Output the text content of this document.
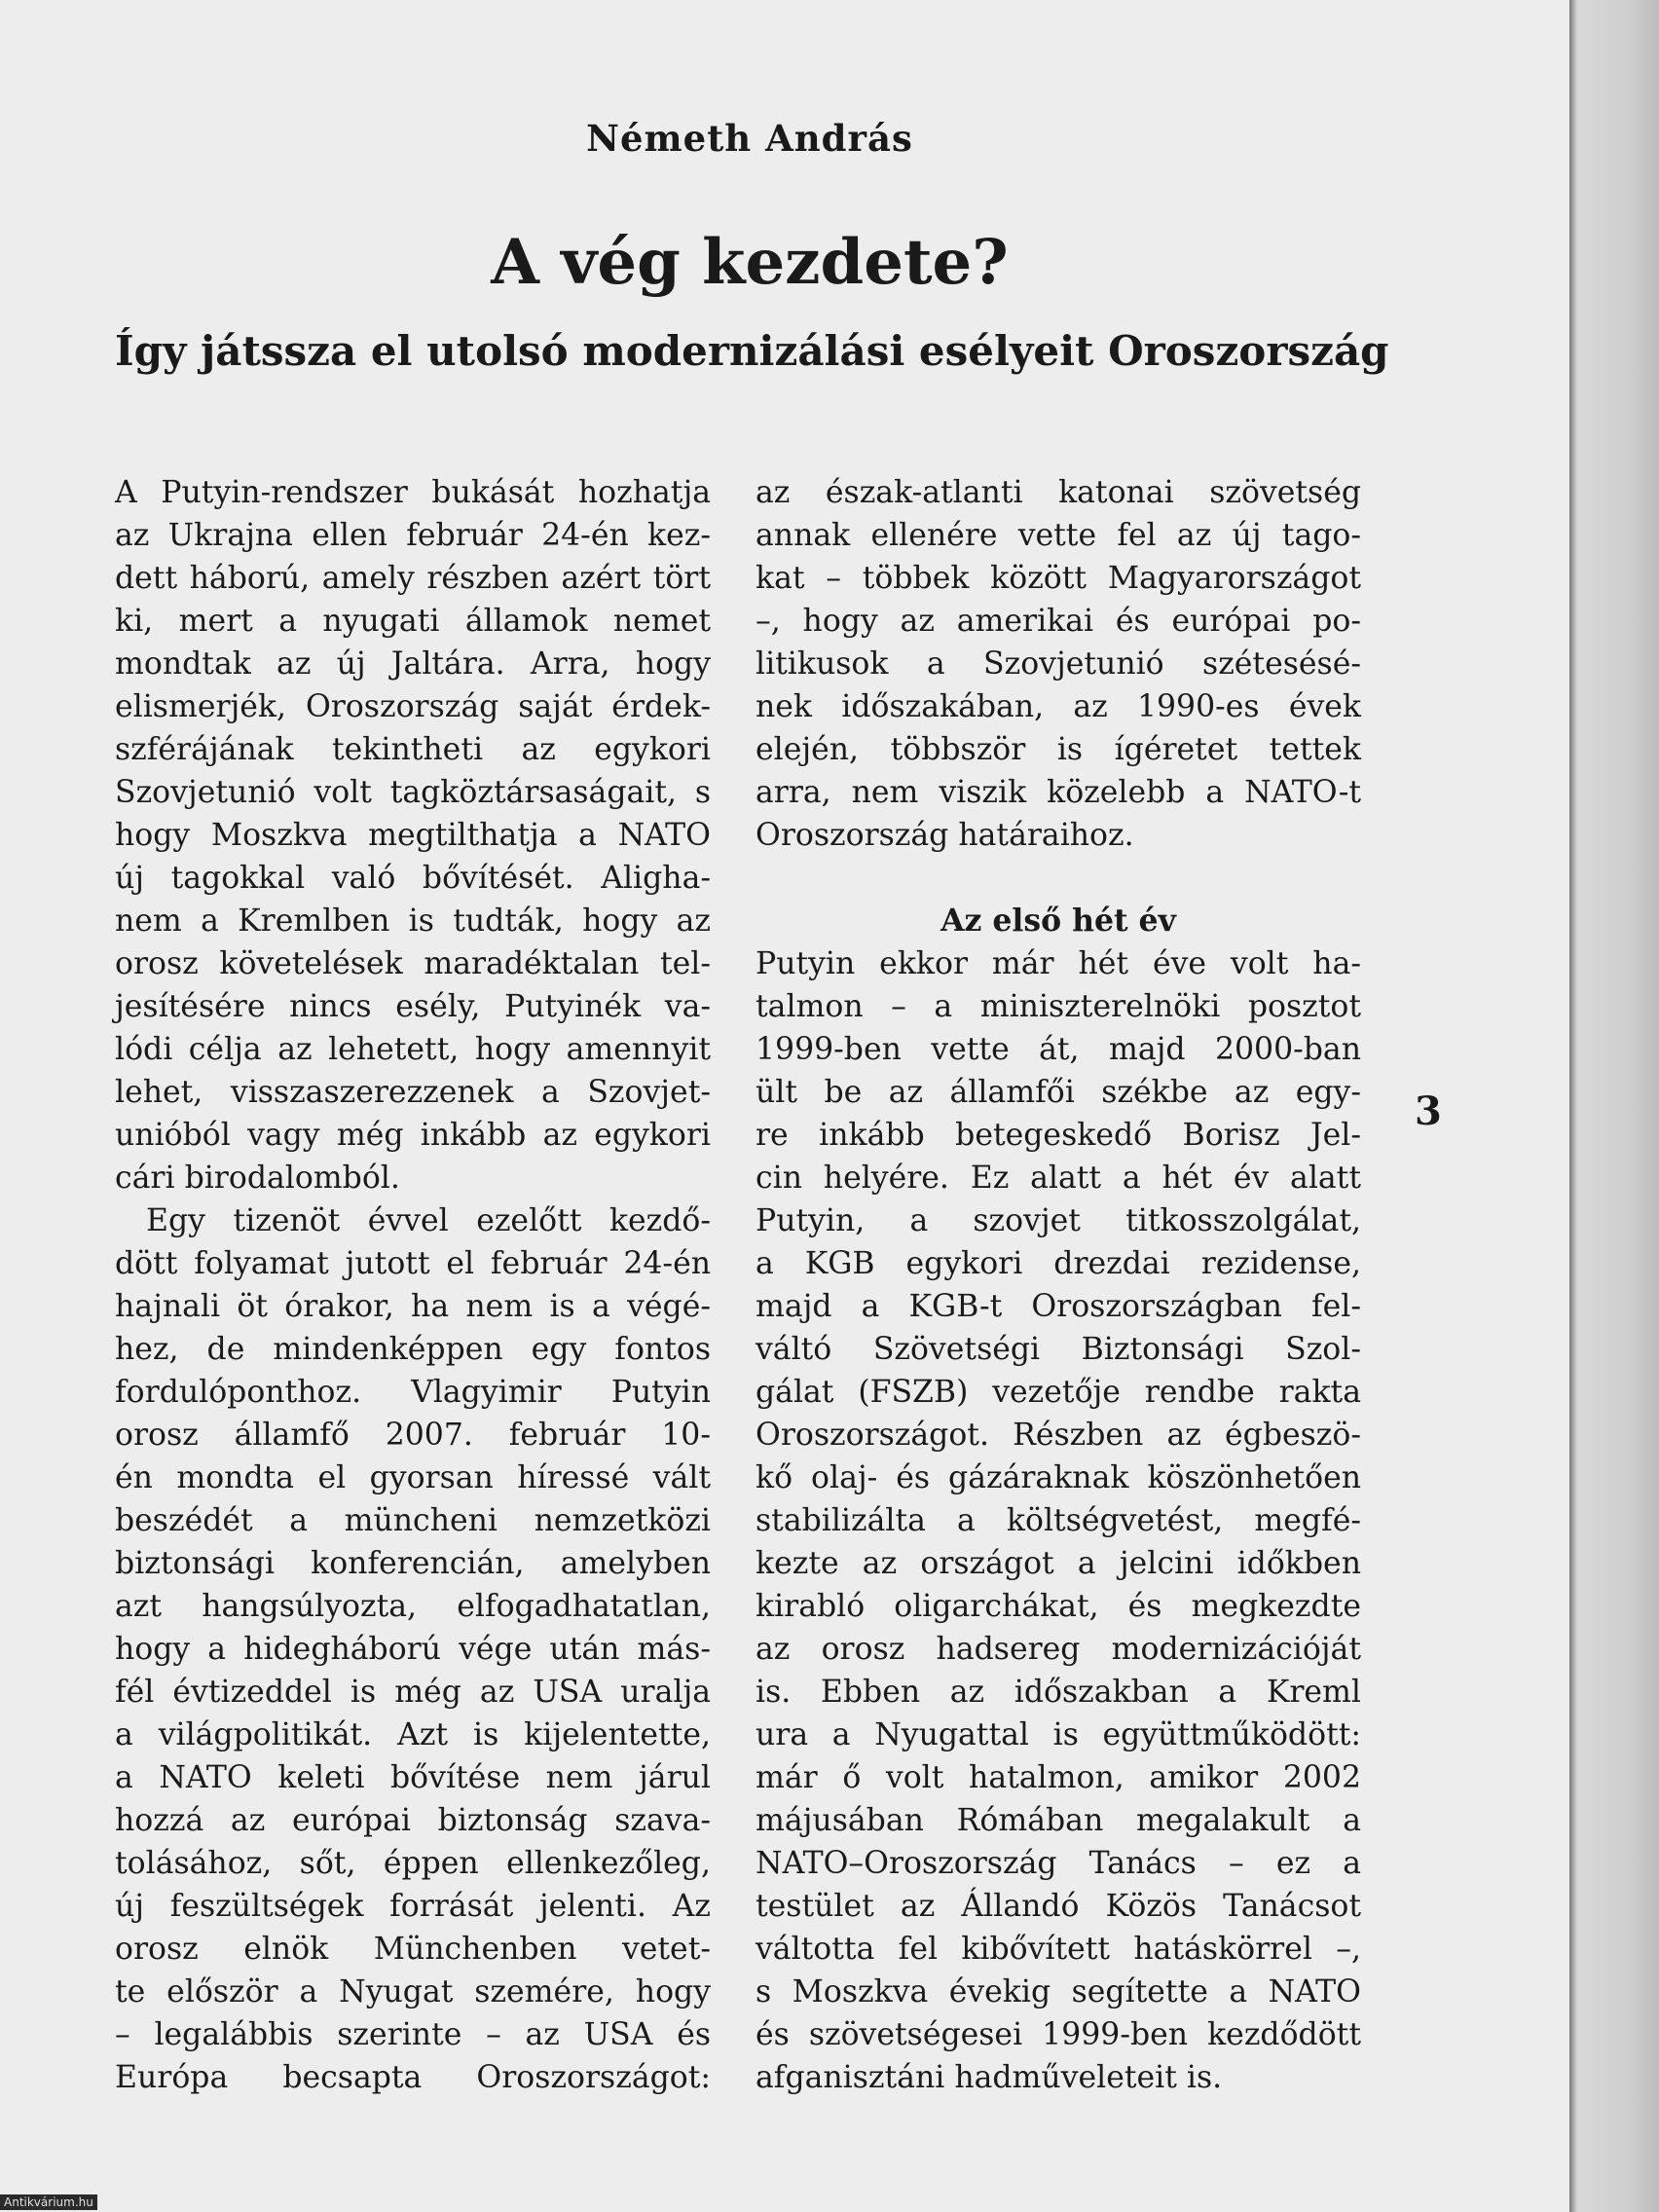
Németh András
A vég kezdete?
Így játssza el utolsó modernizálási esélyeit Oroszország
A Putyin-rendszer bukását hozhatja
az Ukrajna ellen február 24-én kez-
dett háború, amely részben azért tört
ki, mert a nyugati államok nemet
mondtak az új Jaltára. Arra, hogy
elismerjék, Oroszország saját érdek-
szférájának tekintheti az egykori
Szovjetunió volt tagköztársaságait, s
hogy Moszkva megtilthatja a NATO
új tagokkal való bővítését. Aligha-
nem a Kremlben is tudták, hogy az
orosz követelések maradéktalan tel-
jesítésére nincs esély, Putyinék va-
lódi célja az lehetett, hogy amennyit
lehet, visszaszerezzenek a Szovjet-
unióból vagy még inkább az egykori
cári birodalomból.
Egy tizenöt évvel ezelőtt kezdő-
dött folyamat jutott el február 24-én
hajnali öt órakor, ha nem is a végé-
hez, de mindenképpen egy fontos
fordulóponthoz. Vlagyimir Putyin
orosz államfő 2007. február 10-
én mondta el gyorsan híressé vált
beszédét a müncheni nemzetközi
biztonsági konferencián, amelyben
azt hangsúlyozta, elfogadhatatlan,
hogy a hidegháború vége után más-
fél évtizeddel is még az USA uralja
a világpolitikát. Azt is kijelentette,
a NATO keleti bővítése nem járul
hozzá az európai biztonság szava-
tolásához, sőt, éppen ellenkezőleg,
új feszültségek forrását jelenti. Az
orosz elnök Münchenben vetet-
te először a Nyugat szemére, hogy
– legalábbis szerinte – az USA és
Európa becsapta Oroszországot:
az észak-atlanti katonai szövetség
annak ellenére vette fel az új tago-
kat – többek között Magyarországot
–, hogy az amerikai és európai po-
litikusok a Szovjetunió szétesésé-
nek időszakában, az 1990-es évek
elején, többször is ígéretet tettek
arra, nem viszik közelebb a NATO-t
Oroszország határaihoz.
Az első hét év
Putyin ekkor már hét éve volt ha-
talmon – a miniszterelnöki posztot
1999-ben vette át, majd 2000-ban
ült be az államfői székbe az egy-
re inkább betegeskedő Borisz Jel-
cin helyére. Ez alatt a hét év alatt
Putyin, a szovjet titkosszolgálat,
a KGB egykori drezdai rezidense,
majd a KGB-t Oroszországban fel-
váltó Szövetségi Biztonsági Szol-
gálat (FSZB) vezetője rendbe rakta
Oroszországot. Részben az égbeszö-
kő olaj- és gázáraknak köszönhetően
stabilizálta a költségvetést, megfé-
kezte az országot a jelcini időkben
kirabló oligarchákat, és megkezdte
az orosz hadsereg modernizációját
is. Ebben az időszakban a Kreml
ura a Nyugattal is együttműködött:
már ő volt hatalmon, amikor 2002
májusában Rómában megalakult a
NATO–Oroszország Tanács – ez a
testület az Állandó Közös Tanácsot
váltotta fel kibővített hatáskörrel –,
s Moszkva évekig segítette a NATO
és szövetségesei 1999-ben kezdődött
afganisztáni hadműveleteit is.
3
Antikvárium.hu
